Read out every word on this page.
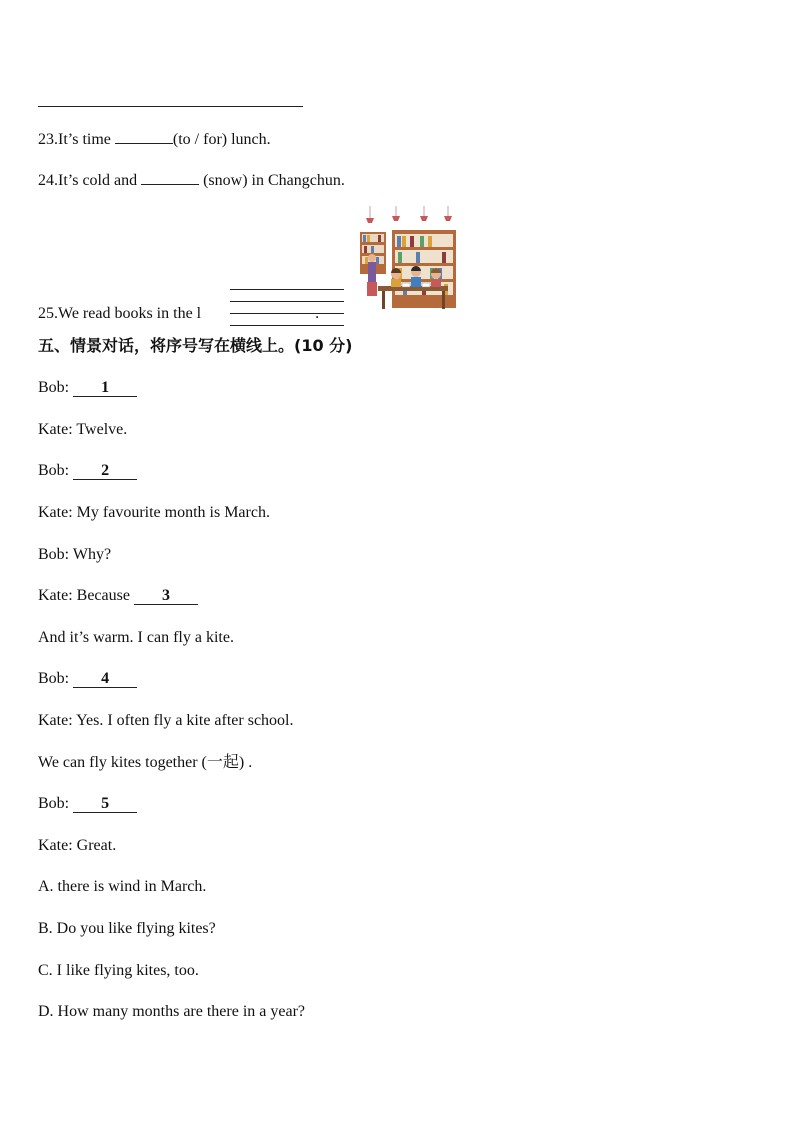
23.It’s time	(to / for) lunch.
24.It’s cold and	(snow) in Changchun.
25.We read books in the l	.
五、情景对话，将序号写在横线上。(10 分)
Bob: 1
Kate: Twelve.
Bob: 2
Kate: My favourite month is March.
Bob: Why?
Kate: Because 3
And it’s warm. I can fly a kite.
Bob: 4
Kate: Yes. I often fly a kite after school.
We can fly kites together (一起) .
Bob: 5
Kate: Great.
A. there is wind in March.
B. Do you like flying kites?
C. I like flying kites, too.
D. How many months are there in a year?
